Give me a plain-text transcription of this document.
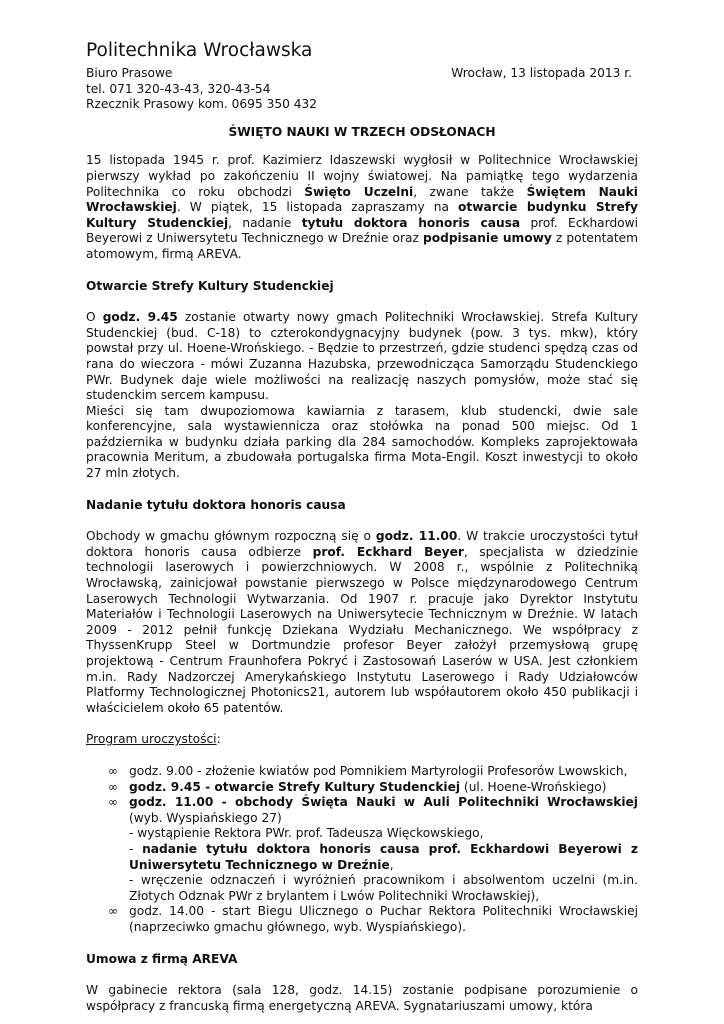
Politechnika Wrocławska
Biuro Prasowe	Wrocław, 13 listopada 2013 r.
tel. 071 320-43-43, 320-43-54
Rzecznik Prasowy kom. 0695 350 432
ŚWIĘTO NAUKI W TRZECH ODSŁONACH

15 listopada 1945 r. prof. Kazimierz Idaszewski wygłosił w Politechnice Wrocławskiej pierwszy wykład po zakończeniu II wojny światowej. Na pamiątkę tego wydarzenia Politechnika co roku obchodzi Święto Uczelni, zwane także Świętem Nauki Wrocławskiej. W piątek, 15 listopada zapraszamy na otwarcie budynku Strefy Kultury Studenckiej, nadanie tytułu doktora honoris causa prof. Eckhardowi Beyerowi z Uniwersytetu Technicznego w Dreźnie oraz podpisanie umowy z potentatem atomowym, firmą AREVA.

Otwarcie Strefy Kultury Studenckiej

O godz. 9.45 zostanie otwarty nowy gmach Politechniki Wrocławskiej. Strefa Kultury Studenckiej (bud. C-18) to czterokondygnacyjny budynek (pow. 3 tys. mkw), który powstał przy ul. Hoene-Wrońskiego. - Będzie to przestrzeń, gdzie studenci spędzą czas od rana do wieczora - mówi Zuzanna Hazubska, przewodnicząca Samorządu Studenckiego PWr. Budynek daje wiele możliwości na realizację naszych pomysłów, może stać się studenckim sercem kampusu.

Mieści się tam dwupoziomowa kawiarnia z tarasem, klub studencki, dwie sale konferencyjne, sala wystawiennicza oraz stołówka na ponad 500 miejsc. Od 1 października w budynku działa parking dla 284 samochodów. Kompleks zaprojektowała pracownia Meritum, a zbudowała portugalska firma Mota-Engil. Koszt inwestycji to około 27 mln złotych.

Nadanie tytułu doktora honoris causa

Obchody w gmachu głównym rozpoczną się o godz. 11.00. W trakcie uroczystości tytuł doktora honoris causa odbierze prof. Eckhard Beyer, specjalista w dziedzinie technologii laserowych i powierzchniowych. W 2008 r., wspólnie z Politechniką Wrocławską, zainicjował powstanie pierwszego w Polsce międzynarodowego Centrum Laserowych Technologii Wytwarzania. Od 1907 r. pracuje jako Dyrektor Instytutu Materiałów i Technologii Laserowych na Uniwersytecie Technicznym w Dreźnie. W latach 2009 - 2012 pełnił funkcję Dziekana Wydziału Mechanicznego. We współpracy z ThyssenKrupp Steel w Dortmundzie profesor Beyer założył przemysłową grupę projektową - Centrum Fraunhofera Pokryć i Zastosowań Laserów w USA. Jest członkiem m.in. Rady Nadzorczej Amerykańskiego Instytutu Laserowego i Rady Udziałowców Platformy Technologicznej Photonics21, autorem lub współautorem około 450 publikacji i właścicielem około 65 patentów.

Program uroczystości:

∞ godz. 9.00 - złożenie kwiatów pod Pomnikiem Martyrologii Profesorów Lwowskich,
∞ godz. 9.45 - otwarcie Strefy Kultury Studenckiej (ul. Hoene-Wrońskiego)
∞ godz. 11.00 - obchody Święta Nauki w Auli Politechniki Wrocławskiej (wyb. Wyspiańskiego 27)
- wystąpienie Rektora PWr. prof. Tadeusza Więckowskiego,
- nadanie tytułu doktora honoris causa prof. Eckhardowi Beyerowi z Uniwersytetu Technicznego w Dreźnie,
- wręczenie odznaczeń i wyróżnień pracownikom i absolwentom uczelni (m.in. Złotych Odznak PWr z brylantem i Lwów Politechniki Wrocławskiej),
∞ godz. 14.00 - start Biegu Ulicznego o Puchar Rektora Politechniki Wrocławskiej (naprzeciwko gmachu głównego, wyb. Wyspiańskiego).

Umowa z firmą AREVA

W gabinecie rektora (sala 128, godz. 14.15) zostanie podpisane porozumienie o współpracy z francuską firmą energetyczną AREVA. Sygnatariuszami umowy, która
